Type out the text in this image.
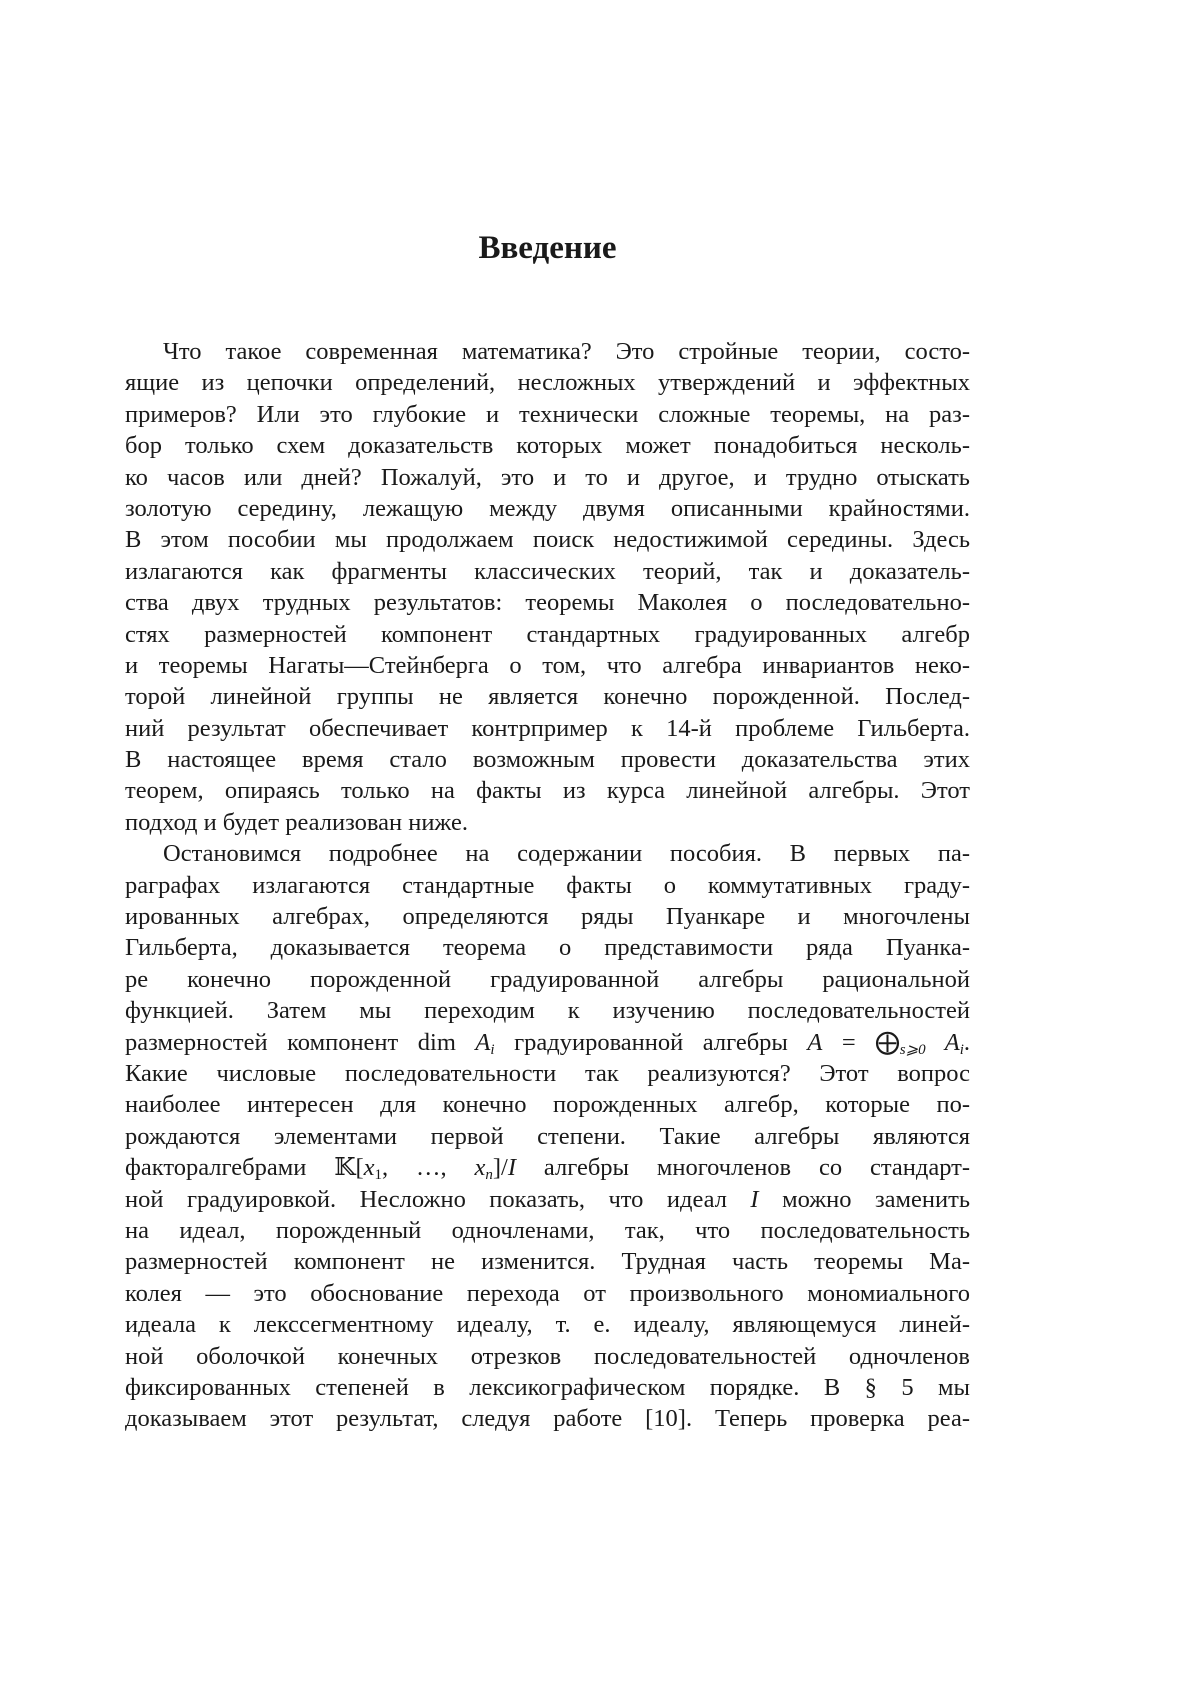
Введение
Что такое современная математика? Это стройные теории, состо-
ящие из цепочки определений, несложных утверждений и эффектных
примеров? Или это глубокие и технически сложные теоремы, на раз-
бор только схем доказательств которых может понадобиться несколь-
ко часов или дней? Пожалуй, это и то и другое, и трудно отыскать
золотую середину, лежащую между двумя описанными крайностями.
В этом пособии мы продолжаем поиск недостижимой середины. Здесь
излагаются как фрагменты классических теорий, так и доказатель-
ства двух трудных результатов: теоремы Маколея о последовательно-
стях размерностей компонент стандартных градуированных алгебр
и теоремы Нагаты—Стейнберга о том, что алгебра инвариантов неко-
торой линейной группы не является конечно порожденной. Послед-
ний результат обеспечивает контрпример к 14-й проблеме Гильберта.
В настоящее время стало возможным провести доказательства этих
теорем, опираясь только на факты из курса линейной алгебры. Этот
подход и будет реализован ниже.
Остановимся подробнее на содержании пособия. В первых па-
раграфах излагаются стандартные факты о коммутативных граду-
ированных алгебрах, определяются ряды Пуанкаре и многочлены
Гильберта, доказывается теорема о представимости ряда Пуанка-
ре конечно порожденной градуированной алгебры рациональной
функцией. Затем мы переходим к изучению последовательностей
размерностей компонент dim Ai градуированной алгебры A = ⨁s⩾0 Ai.
Какие числовые последовательности так реализуются? Этот вопрос
наиболее интересен для конечно порожденных алгебр, которые по-
рождаются элементами первой степени. Такие алгебры являются
факторалгебрами 𝕂[x1, …, xn]/I алгебры многочленов со стандарт-
ной градуировкой. Несложно показать, что идеал I можно заменить
на идеал, порожденный одночленами, так, что последовательность
размерностей компонент не изменится. Трудная часть теоремы Ма-
колея — это обоснование перехода от произвольного мономиального
идеала к лекссегментному идеалу, т. е. идеалу, являющемуся линей-
ной оболочкой конечных отрезков последовательностей одночленов
фиксированных степеней в лексикографическом порядке. В § 5 мы
доказываем этот результат, следуя работе [10]. Теперь проверка реа-
